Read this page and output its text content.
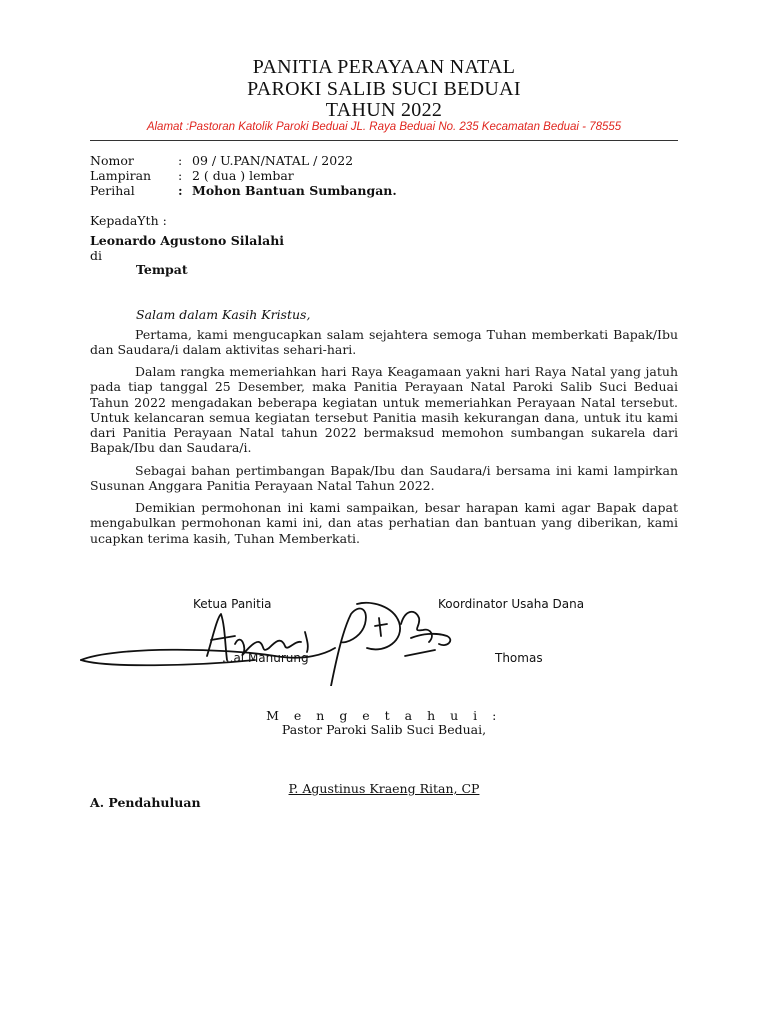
PANITIA PERAYAAN NATAL
PAROKI SALIB SUCI BEDUAI
TAHUN 2022
Alamat :Pastoran Katolik Paroki Beduai JL. Raya Beduai No. 235 Kecamatan Beduai - 78555
Nomor	: 09 / U.PAN/NATAL / 2022
Lampiran : 2 ( dua ) lembar
Perihal	: Mohon Bantuan Sumbangan.
KepadaYth :
Leonardo Agustono Silalahi
di
Tempat
Salam dalam Kasih Kristus,
Pertama, kami mengucapkan salam sejahtera semoga Tuhan memberkati Bapak/Ibu dan Saudara/i dalam aktivitas sehari-hari.
Dalam rangka memeriahkan hari Raya Keagamaan yakni hari Raya Natal yang jatuh pada tiap tanggal 25 Desember, maka Panitia Perayaan Natal Paroki Salib Suci Beduai Tahun 2022 mengadakan beberapa kegiatan untuk memeriahkan Perayaan Natal tersebut. Untuk kelancaran semua kegiatan tersebut Panitia masih kekurangan dana, untuk itu kami dari Panitia Perayaan Natal tahun 2022 bermaksud memohon sumbangan sukarela dari Bapak/Ibu dan Saudara/i.
Sebagai bahan pertimbangan Bapak/Ibu dan Saudara/i bersama ini kami lampirkan Susunan Anggara Panitia Perayaan Natal Tahun 2022.
Demikian permohonan ini kami sampaikan, besar harapan kami agar Bapak dapat mengabulkan permohonan kami ini, dan atas perhatian dan bantuan yang diberikan, kami ucapkan terima kasih, Tuhan Memberkati.
Ketua Panitia	Koordinator Usaha Dana
...ai Manurung	Thomas
M e n g e t a h u i :
Pastor Paroki Salib Suci Beduai,
P. Agustinus Kraeng Ritan, CP
A. Pendahuluan
